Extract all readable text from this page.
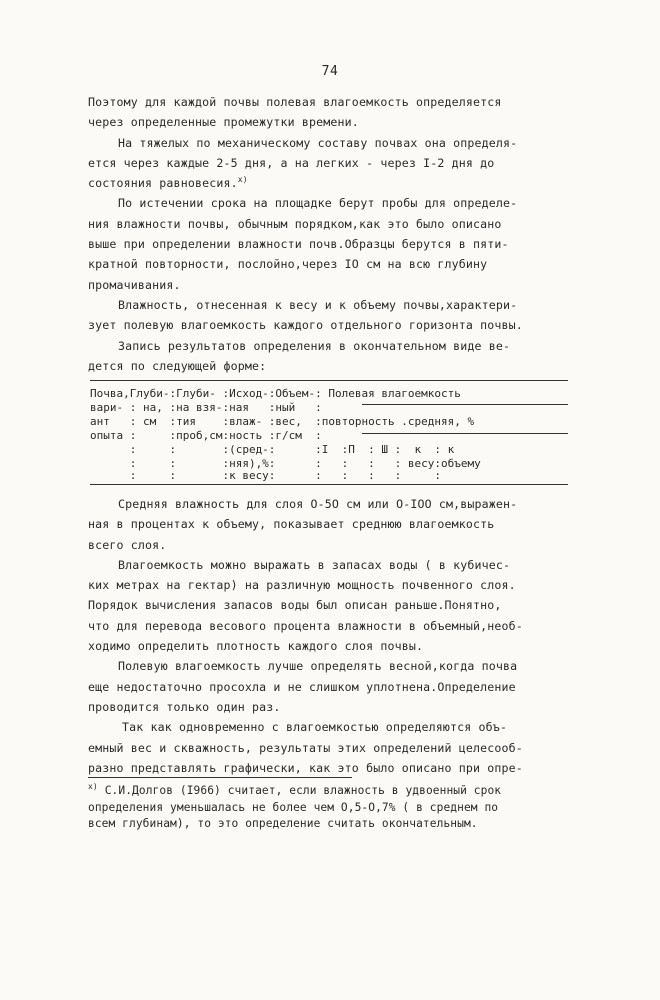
74
Поэтому для каждой почвы полевая влагоемкость определяется
через определенные промежутки времени.
На тяжелых по механическому составу почвах она определя-
ется через каждые 2-5 дня, а на легких - через I-2 дня до
состояния равновесия.$^{x)}$
По истечении срока на площадке берут пробы для определе-
ния влажности почвы, обычным порядком,как это было описано
выше при определении влажности почв.Образцы берутся в пяти-
кратной повторности, послойно,через IО см на всю глубину
промачивания.
Влажность, отнесенная к весу и к объему почвы,характери-
зует полевую влагоемкость каждого отдельного горизонта почвы.
Запись результатов определения в окончательном виде ве-
дется по следующей форме:
Почва,Глуби-:Глуби- :Исход-:Объем-: Полевая влагоемкость
вари- : на, :на взя-:ная   :ный   :
ант   : см  :тия    :влаж- :вес,  :повторность .средняя, %
опыта :     :проб,см:ность :г/см  :
:     :       :(сред-:      :I  :П  : Ш :  к  : к
:     :       :няя),%:      :   :   :   : весу:объему
:     :       :к весу:      :   :   :   :     :
Средняя влажность для слоя О-5О см или О-IОО см,выражен-
ная в процентах к объему, показывает среднюю влагоемкость
всего слоя.
Влагоемкость можно выражать в запасах воды ( в кубичес-
ких метрах на гектар) на различную мощность почвенного слоя.
Порядок вычисления запасов воды был описан раньше.Понятно,
что для перевода весового процента влажности в объемный,необ-
ходимо определить плотность каждого слоя почвы.
Полевую влагоемкость лучше определять весной,когда почва
еще недостаточно просохла и не слишком уплотнена.Определение
проводится только один раз.
Так как одновременно с влагоемкостью определяются объ-
емный вес и скважность, результаты этих определений целесооб-
разно представлять графически, как это было описано при опре-
$^{x)}$ С.И.Долгов (I966) считает, если влажность в удвоенный срок
определения уменьшалась не более чем О,5-О,7% ( в среднем по
всем глубинам), то это определение считать окончательным.
